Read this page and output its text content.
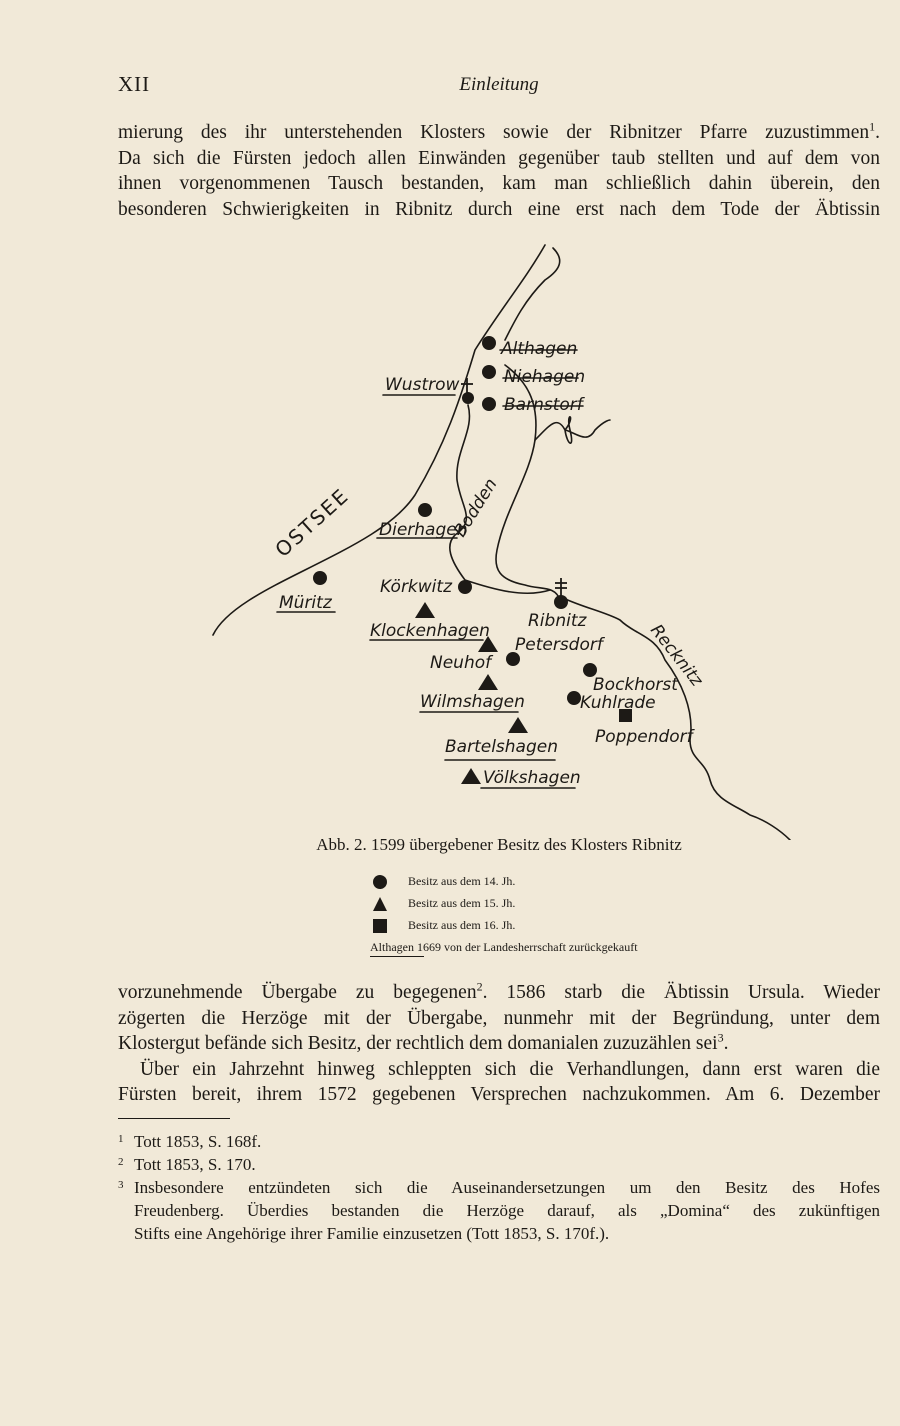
XII	Einleitung

mierung des ihr unterstehenden Klosters sowie der Ribnitzer Pfarre zuzustimmen$^1$.
Da sich die Fürsten jedoch allen Einwänden gegenüber taub stellten und auf dem von
ihnen vorgenommenen Tausch bestanden, kam man schließlich dahin überein, den
besonderen Schwierigkeiten in Ribnitz durch eine erst nach dem Tode der Äbtissin

OSTSEE	Bodden
Recknitz
Althagen
Niehagen
Barnstorf
Wustrow
Dierhagen
Müritz
Körkwitz
Ribnitz
Klockenhagen
Petersdorf
Neuhof
Bockhorst
Kuhlrade
Wilmshagen
Poppendorf
Bartelshagen
Völkshagen
Abb. 2. 1599 übergebener Besitz des Klosters Ribnitz
Besitz aus dem 14. Jh.
Besitz aus dem 15. Jh.
Besitz aus dem 16. Jh.
Althagen 1669 von der Landesherrschaft zurückgekauft

vorzunehmende Übergabe zu begegenen$^2$. 1586 starb die Äbtissin Ursula. Wieder
zögerten die Herzöge mit der Übergabe, nunmehr mit der Begründung, unter dem
Klostergut befände sich Besitz, der rechtlich dem domanialen zuzuzählen sei$^3$.
Über ein Jahrzehnt hinweg schleppten sich die Verhandlungen, dann erst waren die
Fürsten bereit, ihrem 1572 gegebenen Versprechen nachzukommen. Am 6. Dezember

1 Tott 1853, S. 168f.
2 Tott 1853, S. 170.
3 Insbesondere entzündeten sich die Auseinandersetzungen um den Besitz des Hofes
Freudenberg. Überdies bestanden die Herzöge darauf, als „Domina“ des zukünftigen
Stifts eine Angehörige ihrer Familie einzusetzen (Tott 1853, S. 170f.).
